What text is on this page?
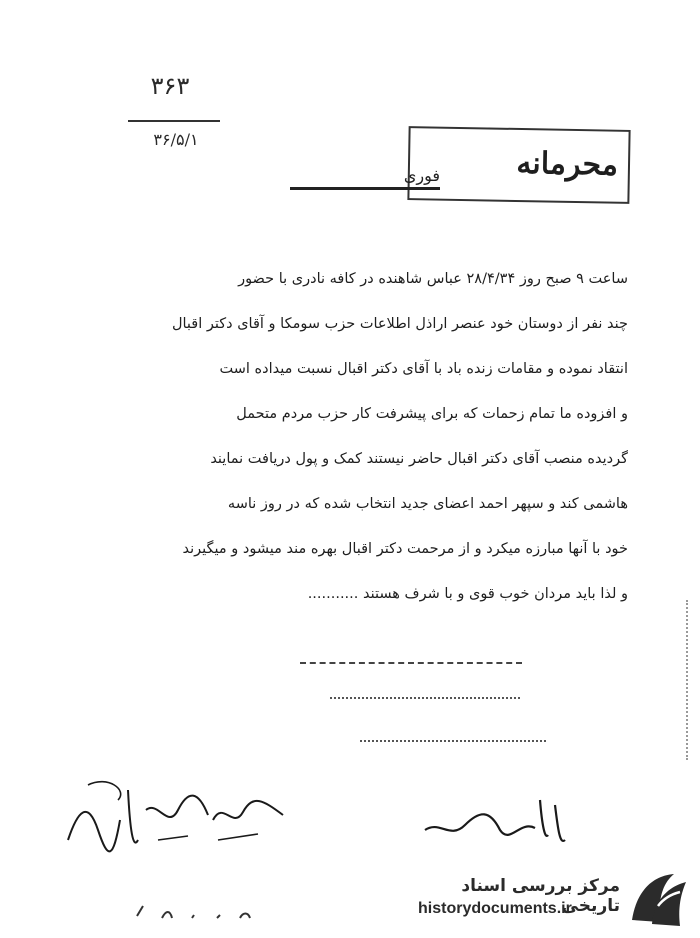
۳۶۳
۳۶/۵/۱
محرمانه
فوری
ساعت ۹ صبح روز ۲۸/۴/۳۴ عباس شاهنده در کافه نادری با حضور
چند نفر از دوستان خود عنصر اراذل اطلاعات حزب سومکا و آقای دکتر اقبال
انتقاد نموده و مقامات زنده باد با آقای دکتر اقبال نسبت میداده است
و افزوده ما تمام زحمات که برای پیشرفت کار حزب مردم متحمل
گردیده منصب آقای دکتر اقبال حاضر نیستند کمک و پول دریافت نمایند
هاشمی کند و سپهر احمد اعضای جدید انتخاب شده که در روز ناسه
خود با آنها مبارزه میکرد و از مرحمت دکتر اقبال بهره مند میشود و میگیرند
و لذا باید مردان خوب قوی و با شرف هستند ...........
مرکز بررسی اسناد تاریخی
historydocuments.ir
